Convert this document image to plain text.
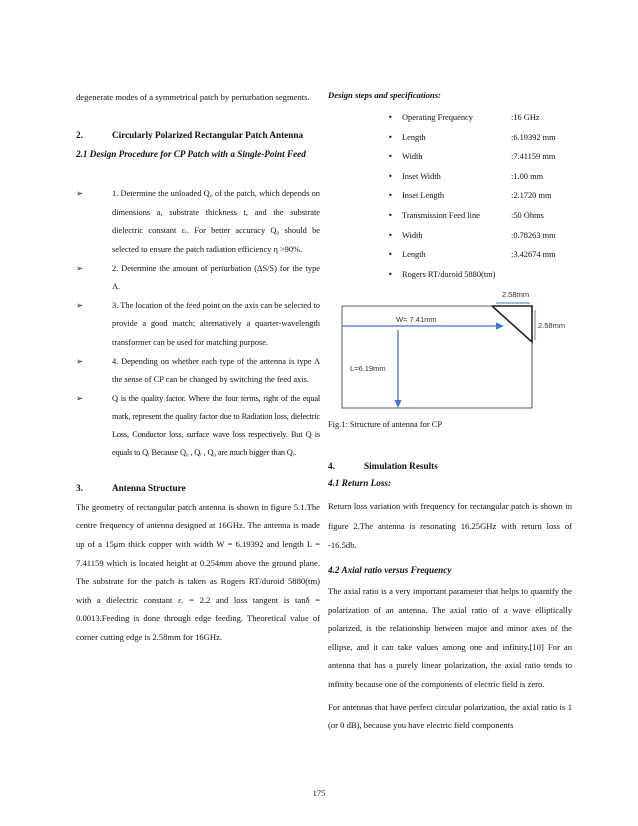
degenerate modes of a symmetrical patch by perturbation segments.

2.	Circularly Polarized Rectangular Patch Antenna
2.1 Design Procedure for CP Patch with a Single-Point Feed
➢ 1. Determine the unloaded Q₀ of the patch, which depends on dimensions a, substrate thickness t, and the substrate dielectric constant εᵣ. For better accuracy Q₀ should be selected to ensure the patch radiation efficiency η >90%.
➢ 2. Determine the amount of perturbation (ΔS/S) for the type A.
➢ 3. The location of the feed point on the axis can be selected to provide a good match; alternatively a quarter-wavelength transformer can be used for matching purpose.
➢ 4. Depending on whether each type of the antenna is type A the sense of CP can be changed by switching the feed axis.
➢ Q is the quality factor. Where the four terms, right of the equal mark, represent the quality factor due to Radiation loss, dielectric Loss, Conductor loss, surface wave loss respectively. But Q is equals to Qᵣ Because Q₀ , Qᵣ , Q₀ are much bigger than Qᵣ.
3.	Antenna Structure

The geometry of rectangular patch antenna is shown in figure 5.1.The centre frequency of antenna designed at 16GHz. The antenna is made up of a 15μm thick copper with width W = 6.19392 and length L = 7.41159 which is located height at 0.254mm above the ground plane. The substrate for the patch is taken as Rogers RT/duroid 5880(tm) with a dielectric constant εᵣ = 2.2 and loss tangent is tanδ = 0.0013.Feeding is done through edge feeding. Theoretical value of corner cutting edge is 2.58mm for 16GHz.

Design steps and specifications:
• Operating Frequency	:16 GHz
• Length	:6.19392 mm
• Width	:7.41159 mm
• Inset Width	:1.00 mm
• Inset Length	:2.1720 mm
• Transmission Feed line	:50 Ohms
• Width	:0.78263 mm
• Length	:3.42674 mm
• Rogers RT/duroid 5880(tm)
2.58mm
2.58mm
W= 7.41mm
L=6.19mm
Fig.1: Structure of antenna for CP
4.	Simulation Results
4.1 Return Loss:

Return loss variation with frequency for rectangular patch is shown in figure 2.The antenna is resonating 16.25GHz with return loss of -16.5db.

4.2 Axial ratio versus Frequency

The axial ratio is a very important parameter that helps to quantify the polarization of an antenna. The axial ratio of a wave elliptically polarized, is the relationship between major and minor axes of the ellipse, and it can take values among one and infinity.[10] For an antenna that has a purely linear polarization, the axial ratio tends to infinity because one of the components of electric field is zero.

For antennas that have perfect circular polarization, the axial ratio is 1 (or 0 dB), because you have electric field components

175
